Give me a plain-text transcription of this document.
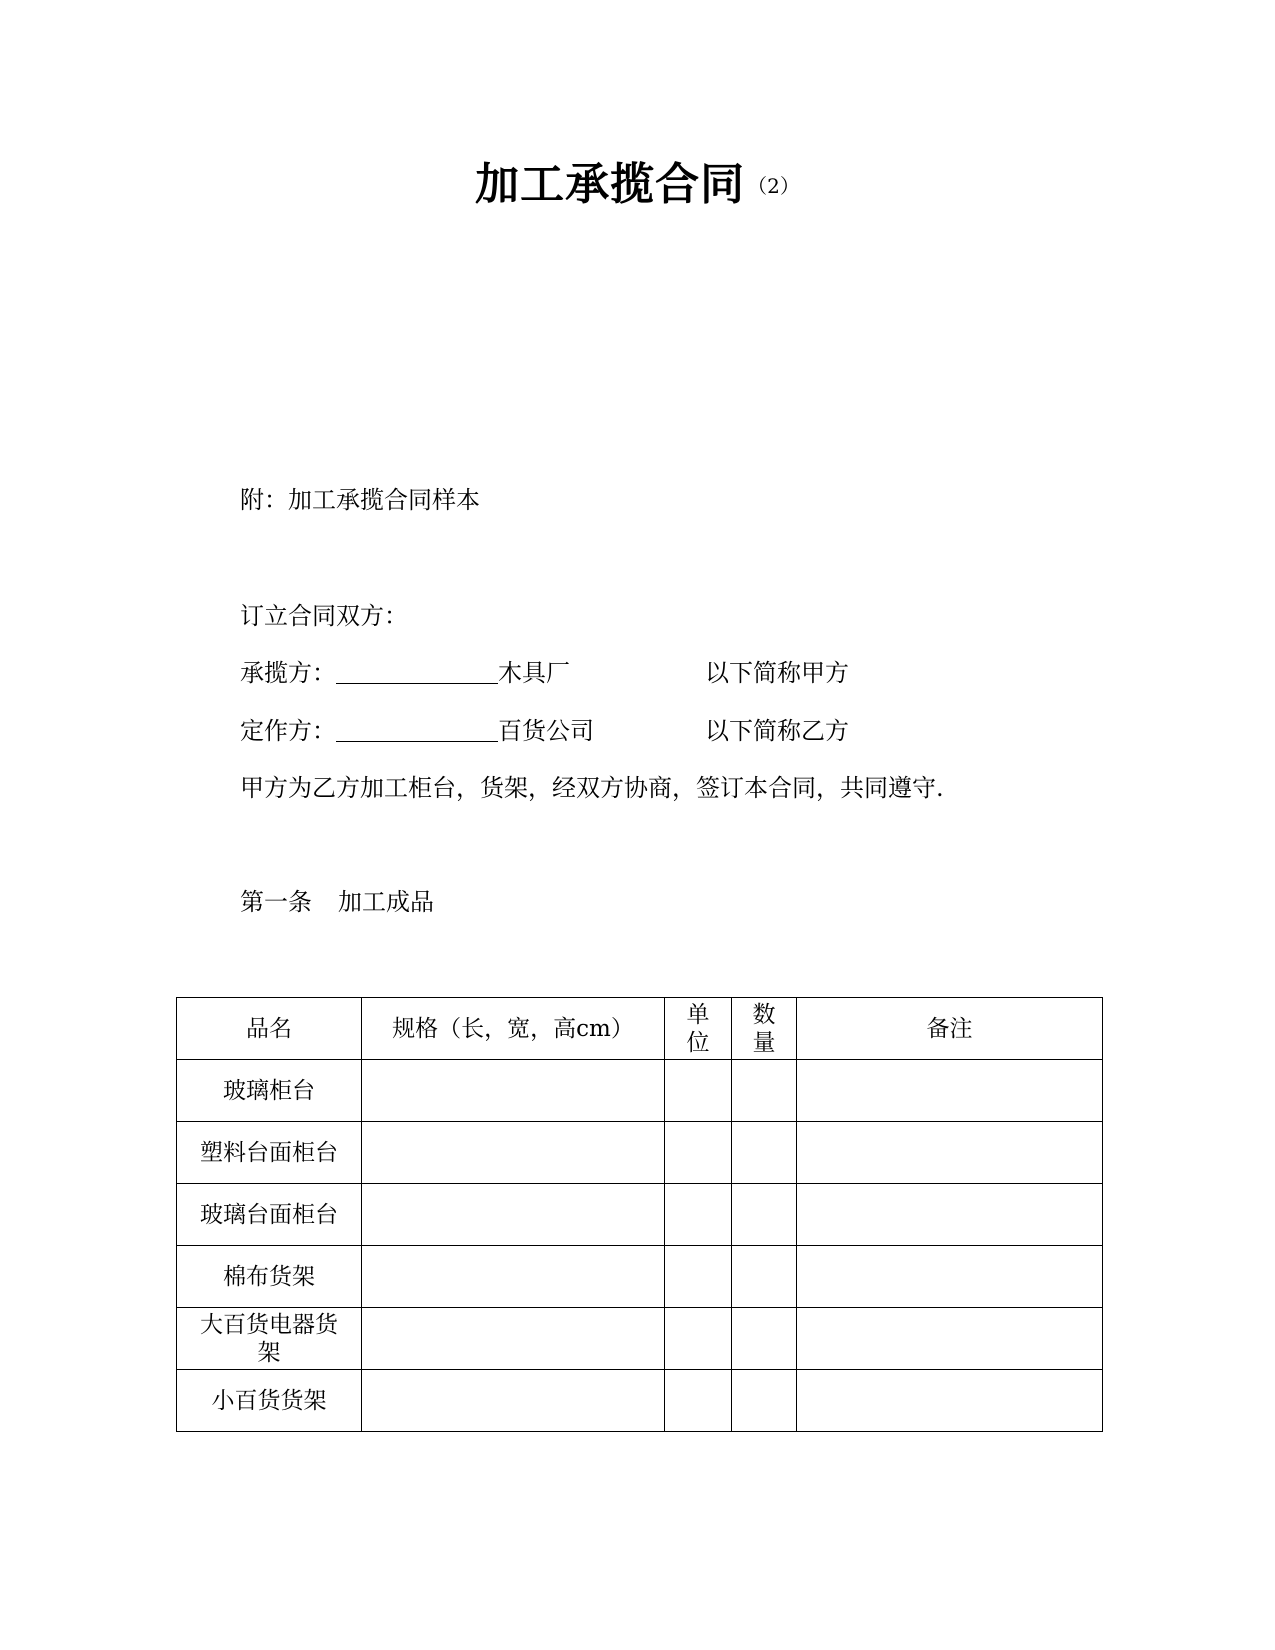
加工承揽合同 （2）
附：加工承揽合同样本
订立合同双方：
承揽方：	木具厂	以下简称甲方
定作方：	百货公司	以下简称乙方
甲方为乙方加工柜台，货架，经双方协商，签订本合同，共同遵守.
第一条 加工成品
品名	规格（长，宽，高cm）	单位	数量	备注
玻璃柜台				
塑料台面柜台				
玻璃台面柜台				
棉布货架				
大百货电器货架				
小百货货架				
